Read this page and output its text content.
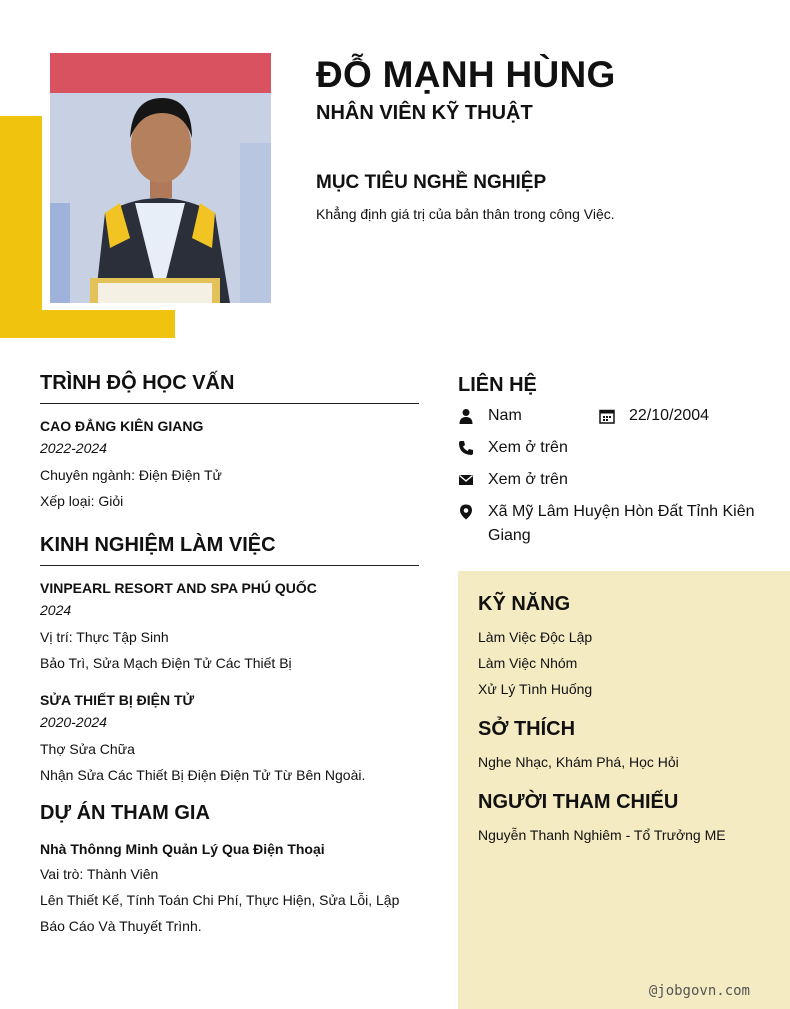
ĐỖ MẠNH HÙNG
NHÂN VIÊN KỸ THUẬT
MỤC TIÊU NGHỀ NGHIỆP
Khẳng định giá trị của bản thân trong công Việc.
TRÌNH ĐỘ HỌC VẤN
CAO ĐẲNG KIÊN GIANG
2022-2024
Chuyên ngành: Điện Điện Tử
Xếp loại: Giỏi
KINH NGHIỆM LÀM VIỆC
VINPEARL RESORT AND SPA PHÚ QUỐC
2024
Vị trí: Thực Tập Sinh
Bảo Trì, Sửa Mạch Điện Tử Các Thiết Bị
SỬA THIẾT BỊ ĐIỆN TỬ
2020-2024
Thợ Sửa Chữa
Nhận Sửa Các Thiết Bị Điện Điện Tử Từ Bên Ngoài.
DỰ ÁN THAM GIA
Nhà Thônng Minh Quản Lý Qua Điện Thoại
Vai trò: Thành Viên
Lên Thiết Kế, Tính Toán Chi Phí, Thực Hiện, Sửa Lỗi, Lập Báo Cáo Và Thuyết Trình.
LIÊN HỆ
Nam	22/10/2004
Xem ở trên
Xem ở trên
Xã Mỹ Lâm Huyện Hòn Đất Tỉnh Kiên Giang
KỸ NĂNG
Làm Việc Độc Lập
Làm Việc Nhóm
Xử Lý Tình Huống
SỞ THÍCH
Nghe Nhạc, Khám Phá, Học Hỏi
NGƯỜI THAM CHIẾU
Nguyễn Thanh Nghiêm - Tổ Trưởng ME
@jobgovn.com
